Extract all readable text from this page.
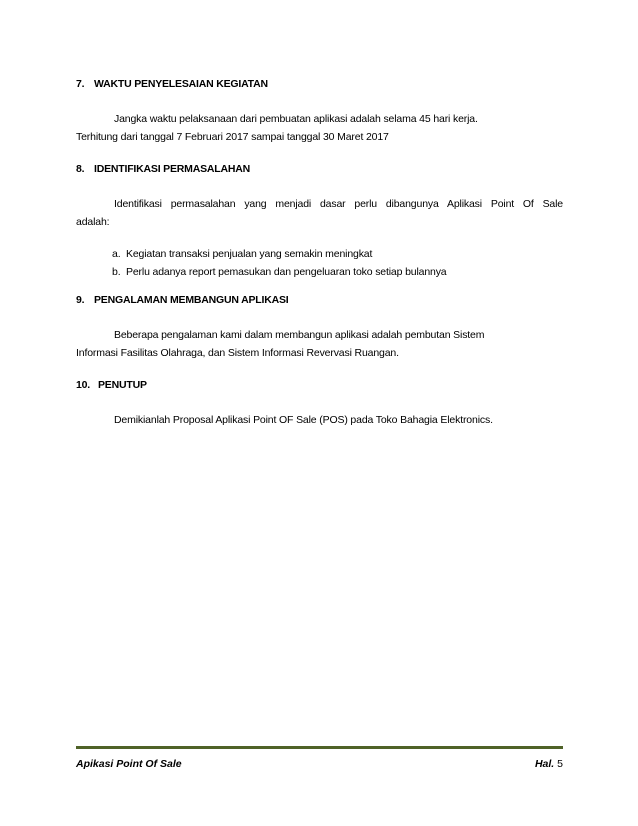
7. WAKTU PENYELESAIAN KEGIATAN
Jangka waktu pelaksanaan dari pembuatan aplikasi adalah selama 45 hari kerja.
Terhitung dari tanggal 7 Februari 2017 sampai tanggal 30 Maret 2017
8. IDENTIFIKASI PERMASALAHAN
Identifikasi permasalahan yang menjadi dasar perlu dibangunya Aplikasi Point Of Sale
adalah:
a. Kegiatan transaksi penjualan yang semakin meningkat
b. Perlu adanya report pemasukan dan pengeluaran toko setiap bulannya
9. PENGALAMAN MEMBANGUN APLIKASI
Beberapa pengalaman kami dalam membangun aplikasi adalah pembutan Sistem
Informasi Fasilitas Olahraga, dan Sistem Informasi Revervasi Ruangan.
10. PENUTUP
Demikianlah Proposal Aplikasi Point OF Sale (POS) pada Toko Bahagia Elektronics.
Apikasi Point Of Sale	Hal. 5
